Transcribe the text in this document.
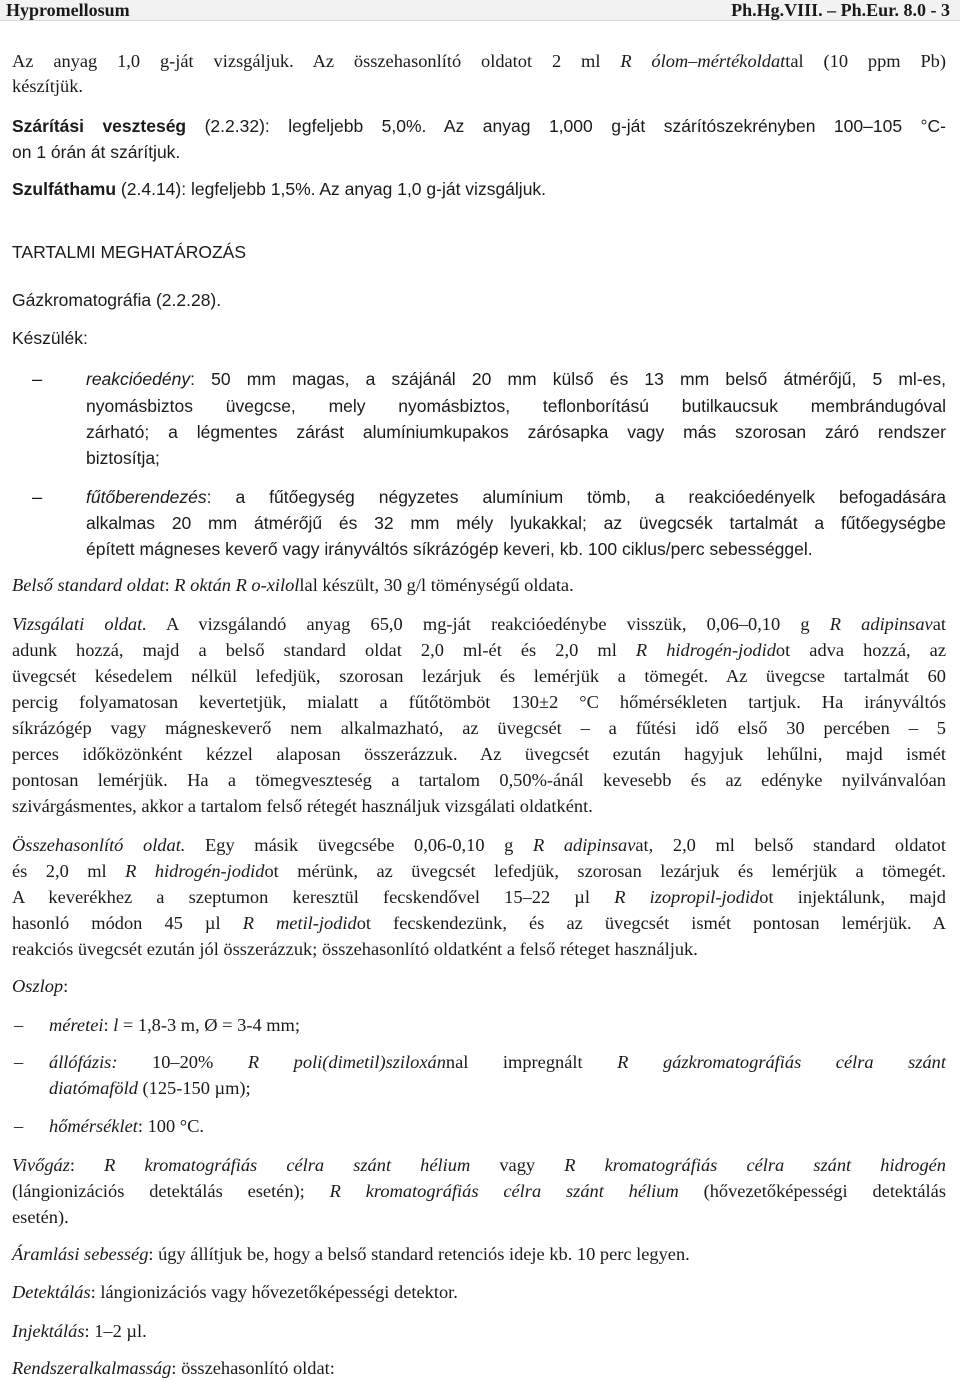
Hypromellosum	Ph.Hg.VIII. – Ph.Eur. 8.0 - 3
Az anyag 1,0 g-ját vizsgáljuk. Az összehasonlító oldatot 2 ml R ólom–mértékoldattal (10 ppm Pb)
készítjük.
Szárítási veszteség (2.2.32): legfeljebb 5,0%. Az anyag 1,000 g-ját szárítószekrényben 100–105 °C-
on 1 órán át szárítjuk.
Szulfáthamu (2.4.14): legfeljebb 1,5%. Az anyag 1,0 g-ját vizsgáljuk.
TARTALMI MEGHATÁROZÁS
Gázkromatográfia (2.2.28).
Készülék:
–	reakcióedény: 50 mm magas, a szájánál 20 mm külső és 13 mm belső átmérőjű, 5 ml-es,
nyomásbiztos üvegcse, mely nyomásbiztos, teflonborítású butilkaucsuk membrándugóval
zárható; a légmentes zárást alumíniumkupakos zárósapka vagy más szorosan záró rendszer
biztosítja;
–	fűtőberendezés: a fűtőegység négyzetes alumínium tömb, a reakcióedényelk befogadására
alkalmas 20 mm átmérőjű és 32 mm mély lyukakkal; az üvegcsék tartalmát a fűtőegységbe
épített mágneses keverő vagy irányváltós síkrázógép keveri, kb. 100 ciklus/perc sebességgel.
Belső standard oldat: R oktán R o-xilollal készült, 30 g/l töménységű oldata.
Vizsgálati oldat. A vizsgálandó anyag 65,0 mg-ját reakcióedénybe visszük, 0,06–0,10 g R adipinsavat
adunk hozzá, majd a belső standard oldat 2,0 ml-ét és 2,0 ml R hidrogén-jodidot adva hozzá, az
üvegcsét késedelem nélkül lefedjük, szorosan lezárjuk és lemérjük a tömegét. Az üvegcse tartalmát 60
percig folyamatosan kevertetjük, mialatt a fűtőtömböt 130±2 °C hőmérsékleten tartjuk. Ha irányváltós
síkrázógép vagy mágneskeverő nem alkalmazható, az üvegcsét – a fűtési idő első 30 percében – 5
perces időközönként kézzel alaposan összerázzuk. Az üvegcsét ezután hagyjuk lehűlni, majd ismét
pontosan lemérjük. Ha a tömegveszteség a tartalom 0,50%-ánál kevesebb és az edényke nyilvánvalóan
szivárgásmentes, akkor a tartalom felső rétegét használjuk vizsgálati oldatként.
Összehasonlító oldat. Egy másik üvegcsébe 0,06-0,10 g R adipinsavat, 2,0 ml belső standard oldatot
és 2,0 ml R hidrogén-jodidot mérünk, az üvegcsét lefedjük, szorosan lezárjuk és lemérjük a tömegét.
A keverékhez a szeptumon keresztül fecskendővel 15–22 µl R izopropil-jodidot injektálunk, majd
hasonló módon 45 µl R metil-jodidot fecskendezünk, és az üvegcsét ismét pontosan lemérjük. A
reakciós üvegcsét ezután jól összerázzuk; összehasonlító oldatként a felső réteget használjuk.
Oszlop:
– méretei: l = 1,8-3 m, Ø = 3-4 mm;
– állófázis: 10–20% R poli(dimetil)sziloxánnal impregnált R gázkromatográfiás célra szánt
diatómaföld (125-150 µm);
– hőmérséklet: 100 °C.
Vivőgáz: R kromatográfiás célra szánt hélium vagy R kromatográfiás célra szánt hidrogén
(lángionizációs detektálás esetén); R kromatográfiás célra szánt hélium (hővezetőképességi detektálás
esetén).
Áramlási sebesség: úgy állítjuk be, hogy a belső standard retenciós ideje kb. 10 perc legyen.
Detektálás: lángionizációs vagy hővezetőképességi detektor.
Injektálás: 1–2 µl.
Rendszeralkalmasság: összehasonlító oldat:
